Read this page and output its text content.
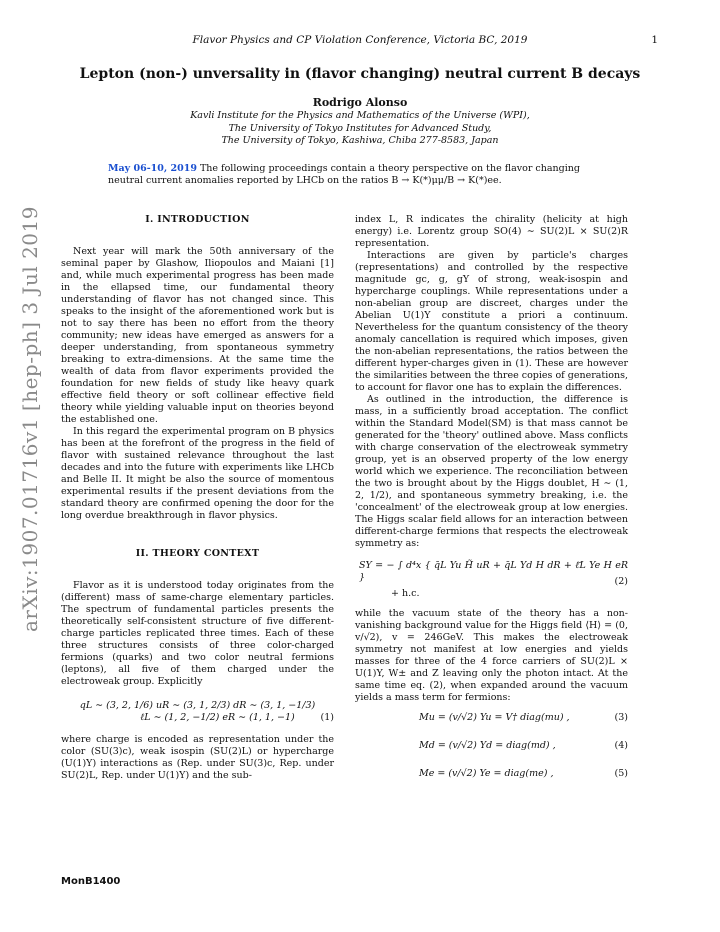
Flavor Physics and CP Violation Conference, Victoria BC, 2019	1
Lepton (non-) unversality in (flavor changing) neutral current B decays
Rodrigo Alonso
Kavli Institute for the Physics and Mathematics of the Universe (WPI),
The University of Tokyo Institutes for Advanced Study,
The University of Tokyo, Kashiwa, Chiba 277-8583, Japan
May 06-10, 2019 The following proceedings contain a theory perspective on the flavor changing
neutral current anomalies reported by LHCb on the ratios B → K(*)μμ/B → K(*)ee.
arXiv:1907.01716v1 [hep-ph] 3 Jul 2019	I. INTRODUCTION

Next year will mark the 50th anniversary of the seminal paper by Glashow, Iliopoulos and Maiani [1] and, while much experimental progress has been made in the ellapsed time, our fundamental theory understanding of flavor has not changed since. This speaks to the insight of the aforementioned work but is not to say there has been no effort from the theory community; new ideas have emerged as answers for a deeper understanding, from spontaneous symmetry breaking to extra-dimensions. At the same time the wealth of data from flavor experiments provided the foundation for new fields of study like heavy quark effective field theory or soft collinear effective field theory while yielding valuable input on theories beyond the established one.

In this regard the experimental program on B physics has been at the forefront of the progress in the field of flavor with sustained relevance throughout the last decades and into the future with experiments like LHCb and Belle II. It might be also the source of momentous experimental results if the present deviations from the standard theory are confirmed opening the door for the long overdue breakthrough in flavor physics.

II. THEORY CONTEXT

Flavor as it is understood today originates from the (different) mass of same-charge elementary particles. The spectrum of fundamental particles presents the theoretically self-consistent structure of five different-charge particles replicated three times. Each of these three structures consists of three color-charged fermions (quarks) and two color neutral fermions (leptons), all five of them charged under the electroweak group. Explicitly

qL ∼ (3, 2, 1/6) uR ∼ (3, 1, 2/3) dR ∼ (3, 1, −1/3)
ℓL ∼ (1, 2, −1/2) eR ∼ (1, 1, −1)	(1)

where charge is encoded as representation under the color (SU(3)c), weak isospin (SU(2)L) or hypercharge (U(1)Y) interactions as (Rep. under SU(3)c, Rep. under SU(2)L, Rep. under U(1)Y) and the sub-

index L, R indicates the chirality (helicity at high energy) i.e. Lorentz group SO(4) ∼ SU(2)L × SU(2)R representation.

Interactions are given by particle's charges (representations) and controlled by the respective magnitude gc, g, gY of strong, weak-isospin and hypercharge couplings. While representations under a non-abelian group are discreet, charges under the Abelian U(1)Y constitute a priori a continuum. Nevertheless for the quantum consistency of the theory anomaly cancellation is required which imposes, given the non-abelian representations, the ratios between the different hyper-charges given in (1). These are however the similarities between the three copies of generations, to account for flavor one has to explain the differences.

As outlined in the introduction, the difference is mass, in a sufficiently broad acceptation. The conflict within the Standard Model(SM) is that mass cannot be generated for the 'theory' outlined above. Mass conflicts with charge conservation of the electroweak symmetry group, yet is an observed property of the low energy world which we experience. The reconciliation between the two is brought about by the Higgs doublet, H ∼ (1, 2, 1/2), and spontaneous symmetry breaking, i.e. the 'concealment' of the electroweak group at low energies. The Higgs scalar field allows for an interaction between different-charge fermions that respects the electroweak symmetry as:

SY = − ∫ d⁴x { q̄L Yu H̃ uR + q̄L Yd H dR + ℓ̄L Ye H eR }
+ h.c.
(2)

while the vacuum state of the theory has a non-vanishing background value for the Higgs field ⟨H⟩ = (0, v/√2), v = 246GeV. This makes the electroweak symmetry not manifest at low energies and yields masses for three of the 4 force carriers of SU(2)L × U(1)Y, W± and Z leaving only the photon intact. At the same time eq. (2), when expanded around the vacuum yields a mass term for fermions:

Mu = (v/√2) Yu = V† diag(mu) ,	(3)
Md = (v/√2) Yd = diag(md) ,	(4)
Me = (v/√2) Ye = diag(me) ,	(5)
MonB1400
